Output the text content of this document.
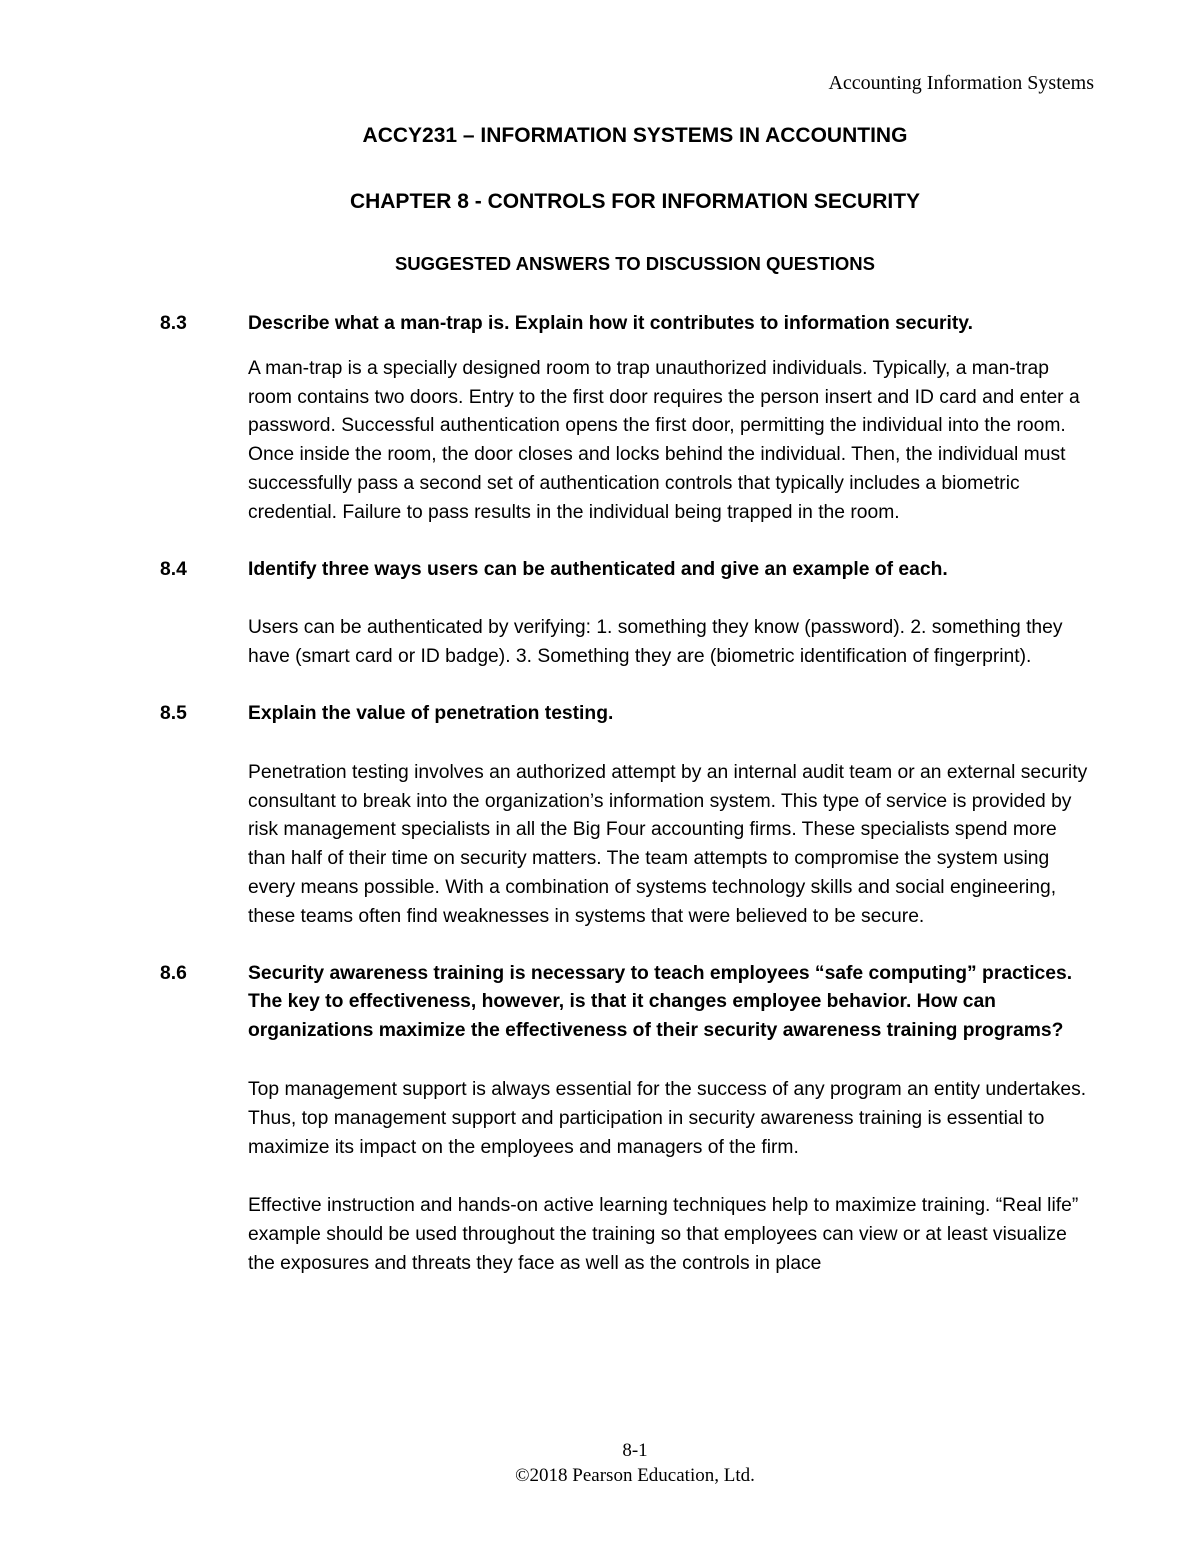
Accounting Information Systems
ACCY231 – INFORMATION SYSTEMS IN ACCOUNTING
CHAPTER 8 - CONTROLS FOR INFORMATION SECURITY
SUGGESTED ANSWERS TO DISCUSSION QUESTIONS
8.3	Describe what a man-trap is. Explain how it contributes to information security.
A man-trap is a specially designed room to trap unauthorized individuals. Typically, a man-trap room contains two doors. Entry to the first door requires the person insert and ID card and enter a password. Successful authentication opens the first door, permitting the individual into the room. Once inside the room, the door closes and locks behind the individual. Then, the individual must successfully pass a second set of authentication controls that typically includes a biometric credential. Failure to pass results in the individual being trapped in the room.
8.4	Identify three ways users can be authenticated and give an example of each.
Users can be authenticated by verifying: 1. something they know (password). 2. something they have (smart card or ID badge). 3. Something they are (biometric identification of fingerprint).
8.5	Explain the value of penetration testing.
Penetration testing involves an authorized attempt by an internal audit team or an external security consultant to break into the organization’s information system. This type of service is provided by risk management specialists in all the Big Four accounting firms. These specialists spend more than half of their time on security matters. The team attempts to compromise the system using every means possible. With a combination of systems technology skills and social engineering, these teams often find weaknesses in systems that were believed to be secure.
8.6	Security awareness training is necessary to teach employees “safe computing” practices. The key to effectiveness, however, is that it changes employee behavior. How can organizations maximize the effectiveness of their security awareness training programs?
Top management support is always essential for the success of any program an entity undertakes. Thus, top management support and participation in security awareness training is essential to maximize its impact on the employees and managers of the firm.
Effective instruction and hands-on active learning techniques help to maximize training. “Real life” example should be used throughout the training so that employees can view or at least visualize the exposures and threats they face as well as the controls in place
8-1
©2018 Pearson Education, Ltd.
